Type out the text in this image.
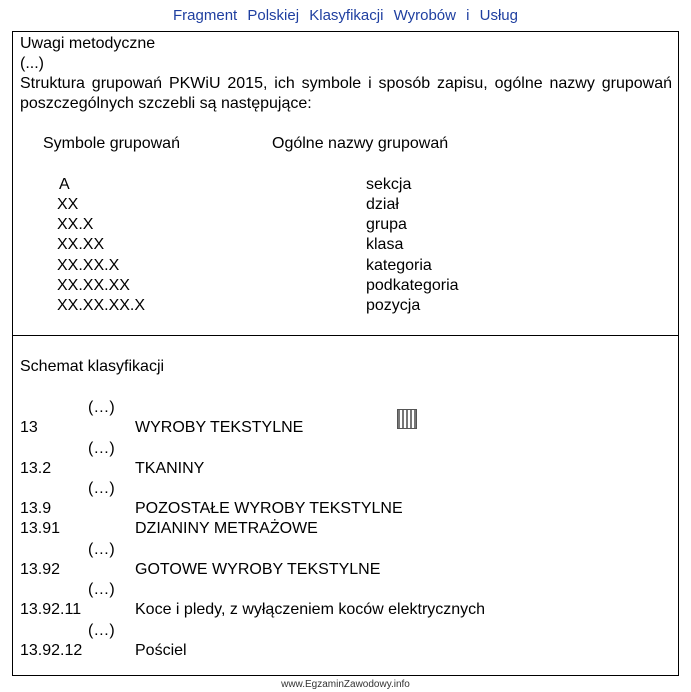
Fragment Polskiej Klasyfikacji Wyrobów i Usług
Uwagi metodyczne
(...)
Struktura grupowań PKWiU 2015, ich symbole i sposób zapisu, ogólne nazwy grupowań poszczególnych szczebli są następujące:
Symbole grupowań	Ogólne nazwy grupowań
A	sekcja
XX	dział
XX.X	grupa
XX.XX	klasa
XX.XX.X	kategoria
XX.XX.XX	podkategoria
XX.XX.XX.X	pozycja
Schemat klasyfikacji
(…)
13	WYROBY TEKSTYLNE
(…)
13.2	TKANINY
(…)
13.9	POZOSTAŁE WYROBY TEKSTYLNE
13.91	DZIANINY METRAŻOWE
(…)
13.92	GOTOWE WYROBY TEKSTYLNE
(…)
13.92.11	Koce i pledy, z wyłączeniem koców elektrycznych
(…)
13.92.12	Pościel
www.EgzaminZawodowy.info
